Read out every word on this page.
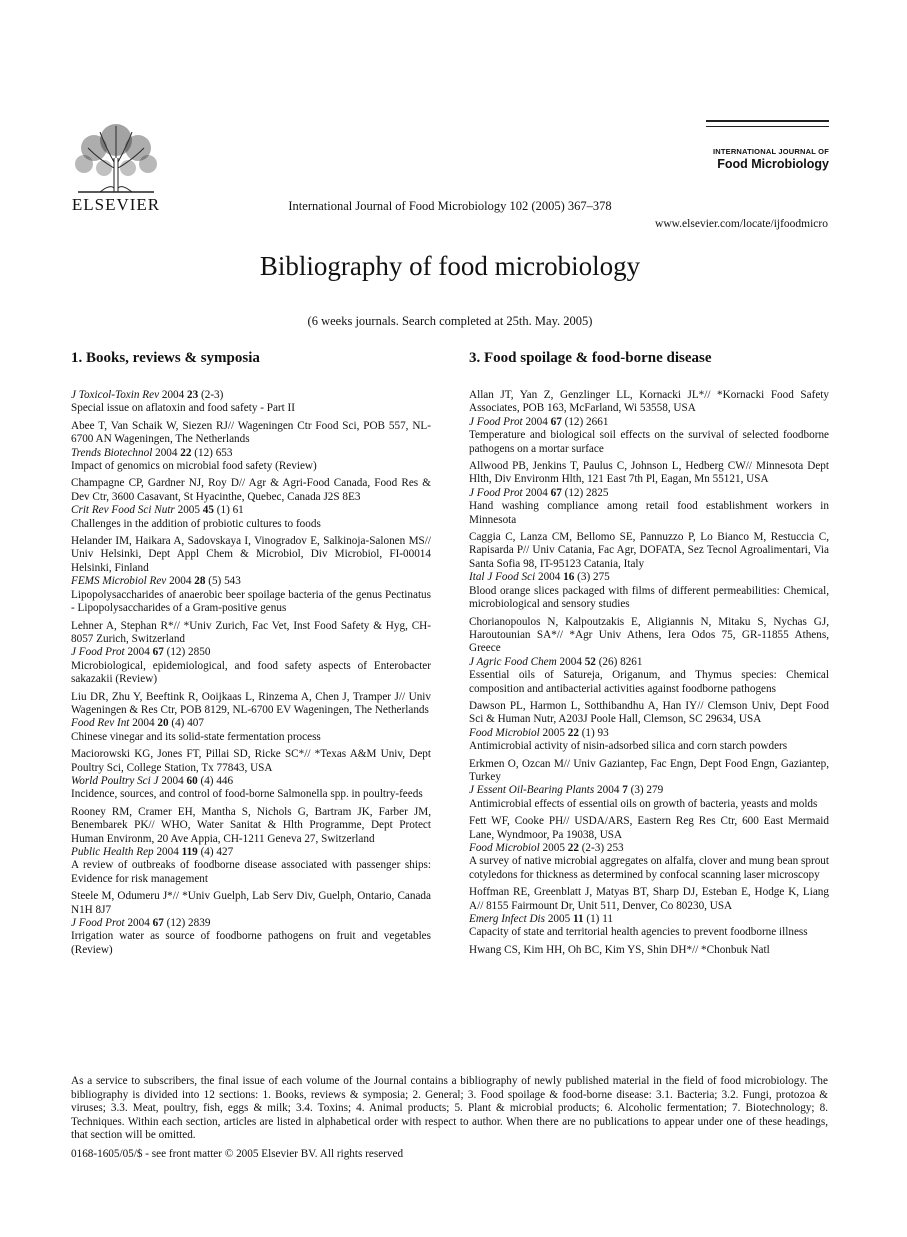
ELSEVIER	International Journal of Food Microbiology 102 (2005) 367–378
INTERNATIONAL JOURNAL OF
Food Microbiology
www.elsevier.com/locate/ijfoodmicro
Bibliography of food microbiology
(6 weeks journals. Search completed at 25th. May. 2005)
1. Books, reviews & symposia
J Toxicol-Toxin Rev 2004 23 (2-3)
Special issue on aflatoxin and food safety - Part II
Abee T, Van Schaik W, Siezen RJ// Wageningen Ctr Food Sci, POB 557, NL-6700 AN Wageningen, The Netherlands
Trends Biotechnol 2004 22 (12) 653
Impact of genomics on microbial food safety (Review)
Champagne CP, Gardner NJ, Roy D// Agr & Agri-Food Canada, Food Res & Dev Ctr, 3600 Casavant, St Hyacinthe, Quebec, Canada J2S 8E3
Crit Rev Food Sci Nutr 2005 45 (1) 61
Challenges in the addition of probiotic cultures to foods
Helander IM, Haikara A, Sadovskaya I, Vinogradov E, Salkinoja-Salonen MS// Univ Helsinki, Dept Appl Chem & Microbiol, Div Microbiol, FI-00014 Helsinki, Finland
FEMS Microbiol Rev 2004 28 (5) 543
Lipopolysaccharides of anaerobic beer spoilage bacteria of the genus Pectinatus - Lipopolysaccharides of a Gram-positive genus
Lehner A, Stephan R*// *Univ Zurich, Fac Vet, Inst Food Safety & Hyg, CH-8057 Zurich, Switzerland
J Food Prot 2004 67 (12) 2850
Microbiological, epidemiological, and food safety aspects of Enterobacter sakazakii (Review)
Liu DR, Zhu Y, Beeftink R, Ooijkaas L, Rinzema A, Chen J, Tramper J// Univ Wageningen & Res Ctr, POB 8129, NL-6700 EV Wageningen, The Netherlands
Food Rev Int 2004 20 (4) 407
Chinese vinegar and its solid-state fermentation process
Maciorowski KG, Jones FT, Pillai SD, Ricke SC*// *Texas A&M Univ, Dept Poultry Sci, College Station, Tx 77843, USA
World Poultry Sci J 2004 60 (4) 446
Incidence, sources, and control of food-borne Salmonella spp. in poultry-feeds
Rooney RM, Cramer EH, Mantha S, Nichols G, Bartram JK, Farber JM, Benembarek PK// WHO, Water Sanitat & Hlth Programme, Dept Protect Human Environm, 20 Ave Appia, CH-1211 Geneva 27, Switzerland
Public Health Rep 2004 119 (4) 427
A review of outbreaks of foodborne disease associated with passenger ships: Evidence for risk management
Steele M, Odumeru J*// *Univ Guelph, Lab Serv Div, Guelph, Ontario, Canada N1H 8J7
J Food Prot 2004 67 (12) 2839
Irrigation water as source of foodborne pathogens on fruit and vegetables (Review)
3. Food spoilage & food-borne disease
Allan JT, Yan Z, Genzlinger LL, Kornacki JL*// *Kornacki Food Safety Associates, POB 163, McFarland, Wi 53558, USA
J Food Prot 2004 67 (12) 2661
Temperature and biological soil effects on the survival of selected foodborne pathogens on a mortar surface
Allwood PB, Jenkins T, Paulus C, Johnson L, Hedberg CW// Minnesota Dept Hlth, Div Environm Hlth, 121 East 7th Pl, Eagan, Mn 55121, USA
J Food Prot 2004 67 (12) 2825
Hand washing compliance among retail food establishment workers in Minnesota
Caggia C, Lanza CM, Bellomo SE, Pannuzzo P, Lo Bianco M, Restuccia C, Rapisarda P// Univ Catania, Fac Agr, DOFATA, Sez Tecnol Agroalimentari, Via Santa Sofia 98, IT-95123 Catania, Italy
Ital J Food Sci 2004 16 (3) 275
Blood orange slices packaged with films of different permeabilities: Chemical, microbiological and sensory studies
Chorianopoulos N, Kalpoutzakis E, Aligiannis N, Mitaku S, Nychas GJ, Haroutounian SA*// *Agr Univ Athens, Iera Odos 75, GR-11855 Athens, Greece
J Agric Food Chem 2004 52 (26) 8261
Essential oils of Satureja, Origanum, and Thymus species: Chemical composition and antibacterial activities against foodborne pathogens
Dawson PL, Harmon L, Sotthibandhu A, Han IY// Clemson Univ, Dept Food Sci & Human Nutr, A203J Poole Hall, Clemson, SC 29634, USA
Food Microbiol 2005 22 (1) 93
Antimicrobial activity of nisin-adsorbed silica and corn starch powders
Erkmen O, Ozcan M// Univ Gaziantep, Fac Engn, Dept Food Engn, Gaziantep, Turkey
J Essent Oil-Bearing Plants 2004 7 (3) 279
Antimicrobial effects of essential oils on growth of bacteria, yeasts and molds
Fett WF, Cooke PH// USDA/ARS, Eastern Reg Res Ctr, 600 East Mermaid Lane, Wyndmoor, Pa 19038, USA
Food Microbiol 2005 22 (2-3) 253
A survey of native microbial aggregates on alfalfa, clover and mung bean sprout cotyledons for thickness as determined by confocal scanning laser microscopy
Hoffman RE, Greenblatt J, Matyas BT, Sharp DJ, Esteban E, Hodge K, Liang A// 8155 Fairmount Dr, Unit 511, Denver, Co 80230, USA
Emerg Infect Dis 2005 11 (1) 11
Capacity of state and territorial health agencies to prevent foodborne illness
Hwang CS, Kim HH, Oh BC, Kim YS, Shin DH*// *Chonbuk Natl
As a service to subscribers, the final issue of each volume of the Journal contains a bibliography of newly published material in the field of food microbiology. The bibliography is divided into 12 sections: 1. Books, reviews & symposia; 2. General; 3. Food spoilage & food-borne disease: 3.1. Bacteria; 3.2. Fungi, protozoa & viruses; 3.3. Meat, poultry, fish, eggs & milk; 3.4. Toxins; 4. Animal products; 5. Plant & microbial products; 6. Alcoholic fermentation; 7. Biotechnology; 8. Techniques. Within each section, articles are listed in alphabetical order with respect to author. When there are no publications to appear under one of these headings, that section will be omitted.
0168-1605/05/$ - see front matter © 2005 Elsevier BV. All rights reserved
